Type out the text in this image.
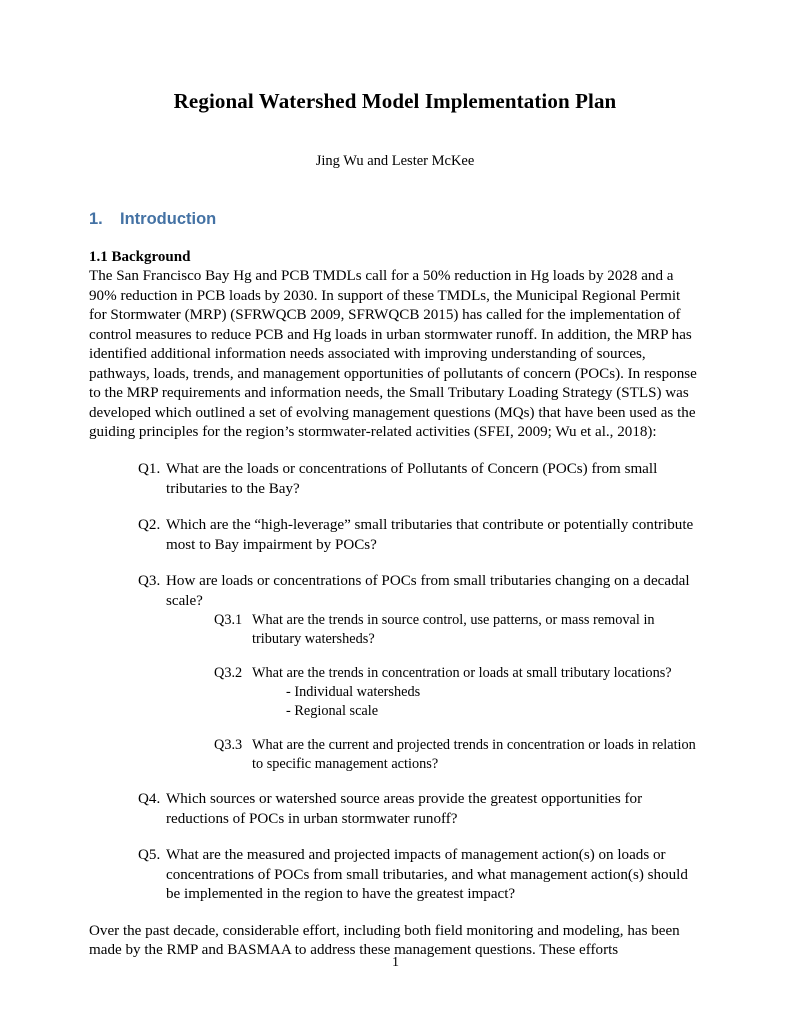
Regional Watershed Model Implementation Plan

Jing Wu and Lester McKee

1. Introduction
1.1 Background

The San Francisco Bay Hg and PCB TMDLs call for a 50% reduction in Hg loads by 2028 and a 90% reduction in PCB loads by 2030. In support of these TMDLs, the Municipal Regional Permit for Stormwater (MRP) (SFRWQCB 2009, SFRWQCB 2015) has called for the implementation of control measures to reduce PCB and Hg loads in urban stormwater runoff. In addition, the MRP has identified additional information needs associated with improving understanding of sources, pathways, loads, trends, and management opportunities of pollutants of concern (POCs). In response to the MRP requirements and information needs, the Small Tributary Loading Strategy (STLS) was developed which outlined a set of evolving management questions (MQs) that have been used as the guiding principles for the region’s stormwater-related activities (SFEI, 2009; Wu et al., 2018):

Q1. What are the loads or concentrations of Pollutants of Concern (POCs) from small tributaries to the Bay?
Q2. Which are the “high-leverage” small tributaries that contribute or potentially contribute most to Bay impairment by POCs?
Q3. How are loads or concentrations of POCs from small tributaries changing on a decadal scale?
Q3.1 What are the trends in source control, use patterns, or mass removal in tributary watersheds?
Q3.2 What are the trends in concentration or loads at small tributary locations?
- Individual watersheds
- Regional scale
Q3.3 What are the current and projected trends in concentration or loads in relation to specific management actions?
Q4. Which sources or watershed source areas provide the greatest opportunities for reductions of POCs in urban stormwater runoff?
Q5. What are the measured and projected impacts of management action(s) on loads or concentrations of POCs from small tributaries, and what management action(s) should be implemented in the region to have the greatest impact?

Over the past decade, considerable effort, including both field monitoring and modeling, has been made by the RMP and BASMAA to address these management questions. These efforts

1
